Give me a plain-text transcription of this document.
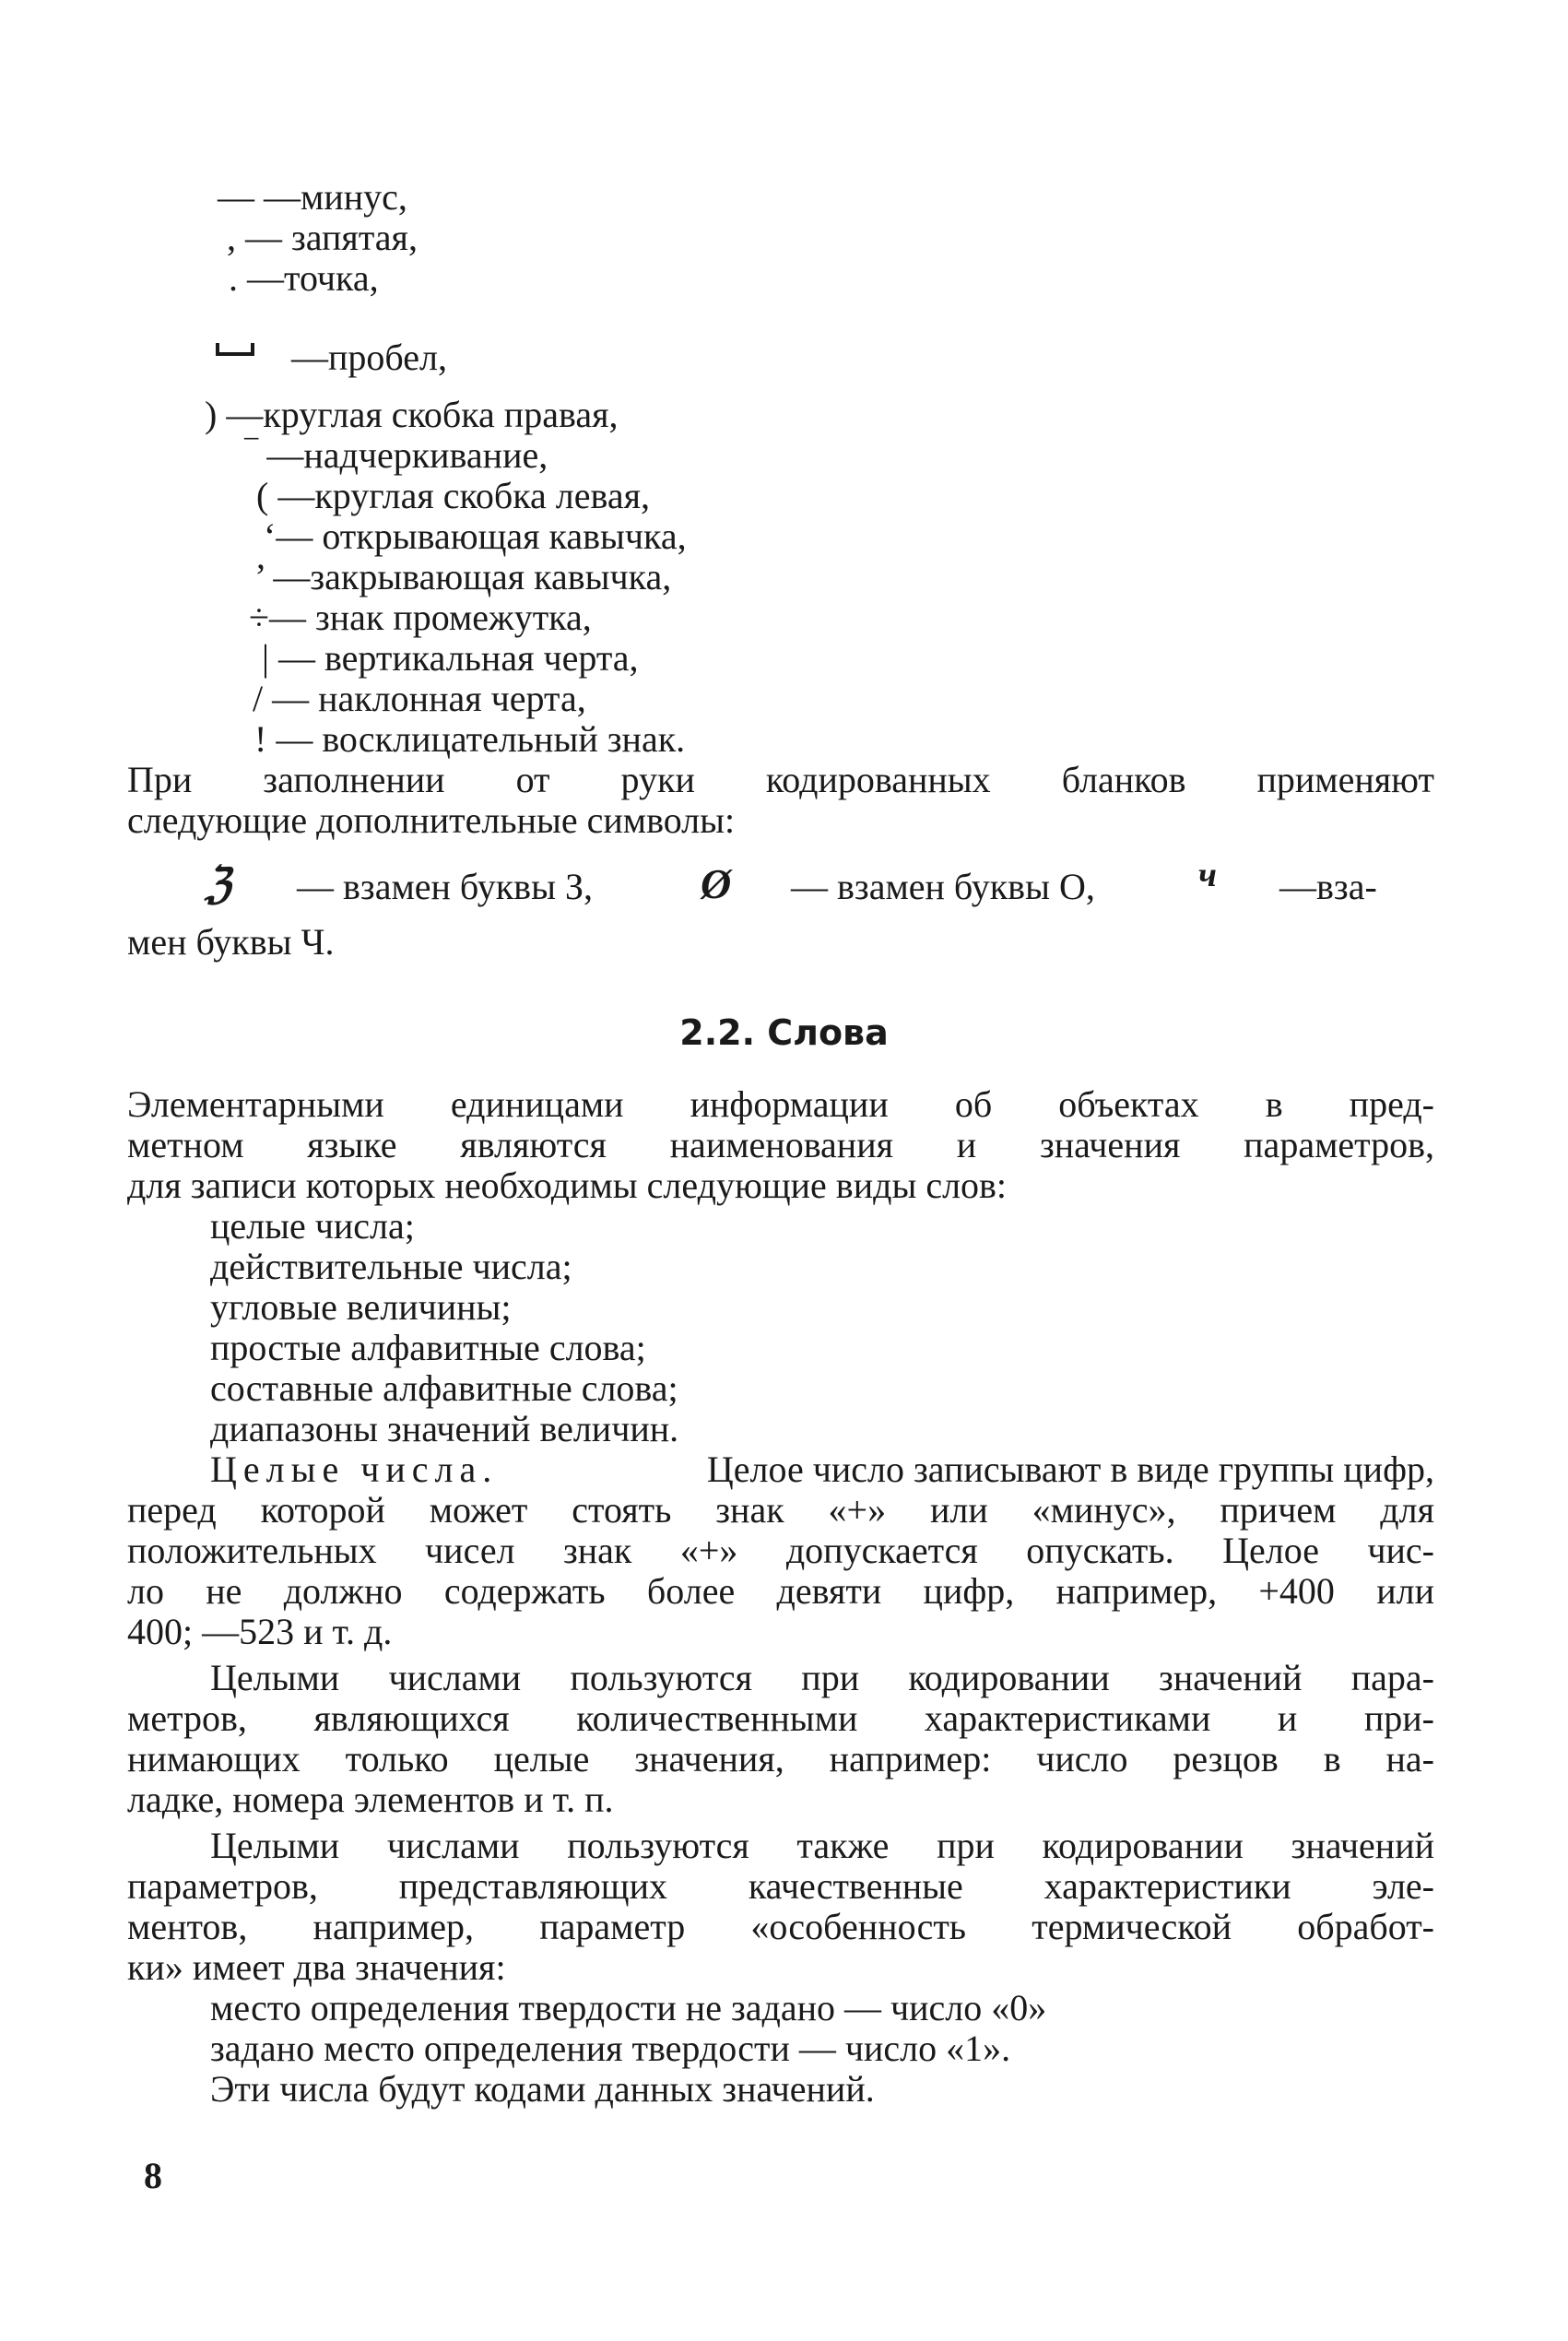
— —минус,
, — запятая,
. —точка,
—пробел,
) —круглая скобка правая,
‾ —надчеркивание,
( —круглая скобка левая,
‘— открывающая кавычка,
’ —закрывающая кавычка,
÷— знак промежутка,
| — вертикальная черта,
/ — наклонная черта,
! — восклицательный знак.
При заполнении от руки кодированных бланков применяют
следующие дополнительные символы:
ℨ — взамен буквы З,	Ø — взамен буквы О,	ч —вза-
мен буквы Ч.
2.2. Слова
Элементарными единицами информации об объектах в пред-
метном языке являются наименования и значения параметров,
для записи которых необходимы следующие виды слов:
целые числа;
действительные числа;
угловые величины;
простые алфавитные слова;
составные алфавитные слова;
диапазоны значений величин.
Целые числа.	Целое число записывают в виде группы цифр,
перед которой может стоять знак «+» или «минус», причем для
положительных чисел знак «+» допускается опускать. Целое чис-
ло не должно содержать более девяти цифр, например, +400 или
400; —523 и т. д.
Целыми числами пользуются при кодировании значений пара-
метров, являющихся количественными характеристиками и при-
нимающих только целые значения, например: число резцов в на-
ладке, номера элементов и т. п.
Целыми числами пользуются также при кодировании значений
параметров, представляющих качественные характеристики эле-
ментов, например, параметр «особенность термической обработ-
ки» имеет два значения:
место определения твердости не задано — число «0»
задано место определения твердости — число «1».
Эти числа будут кодами данных значений.
8
